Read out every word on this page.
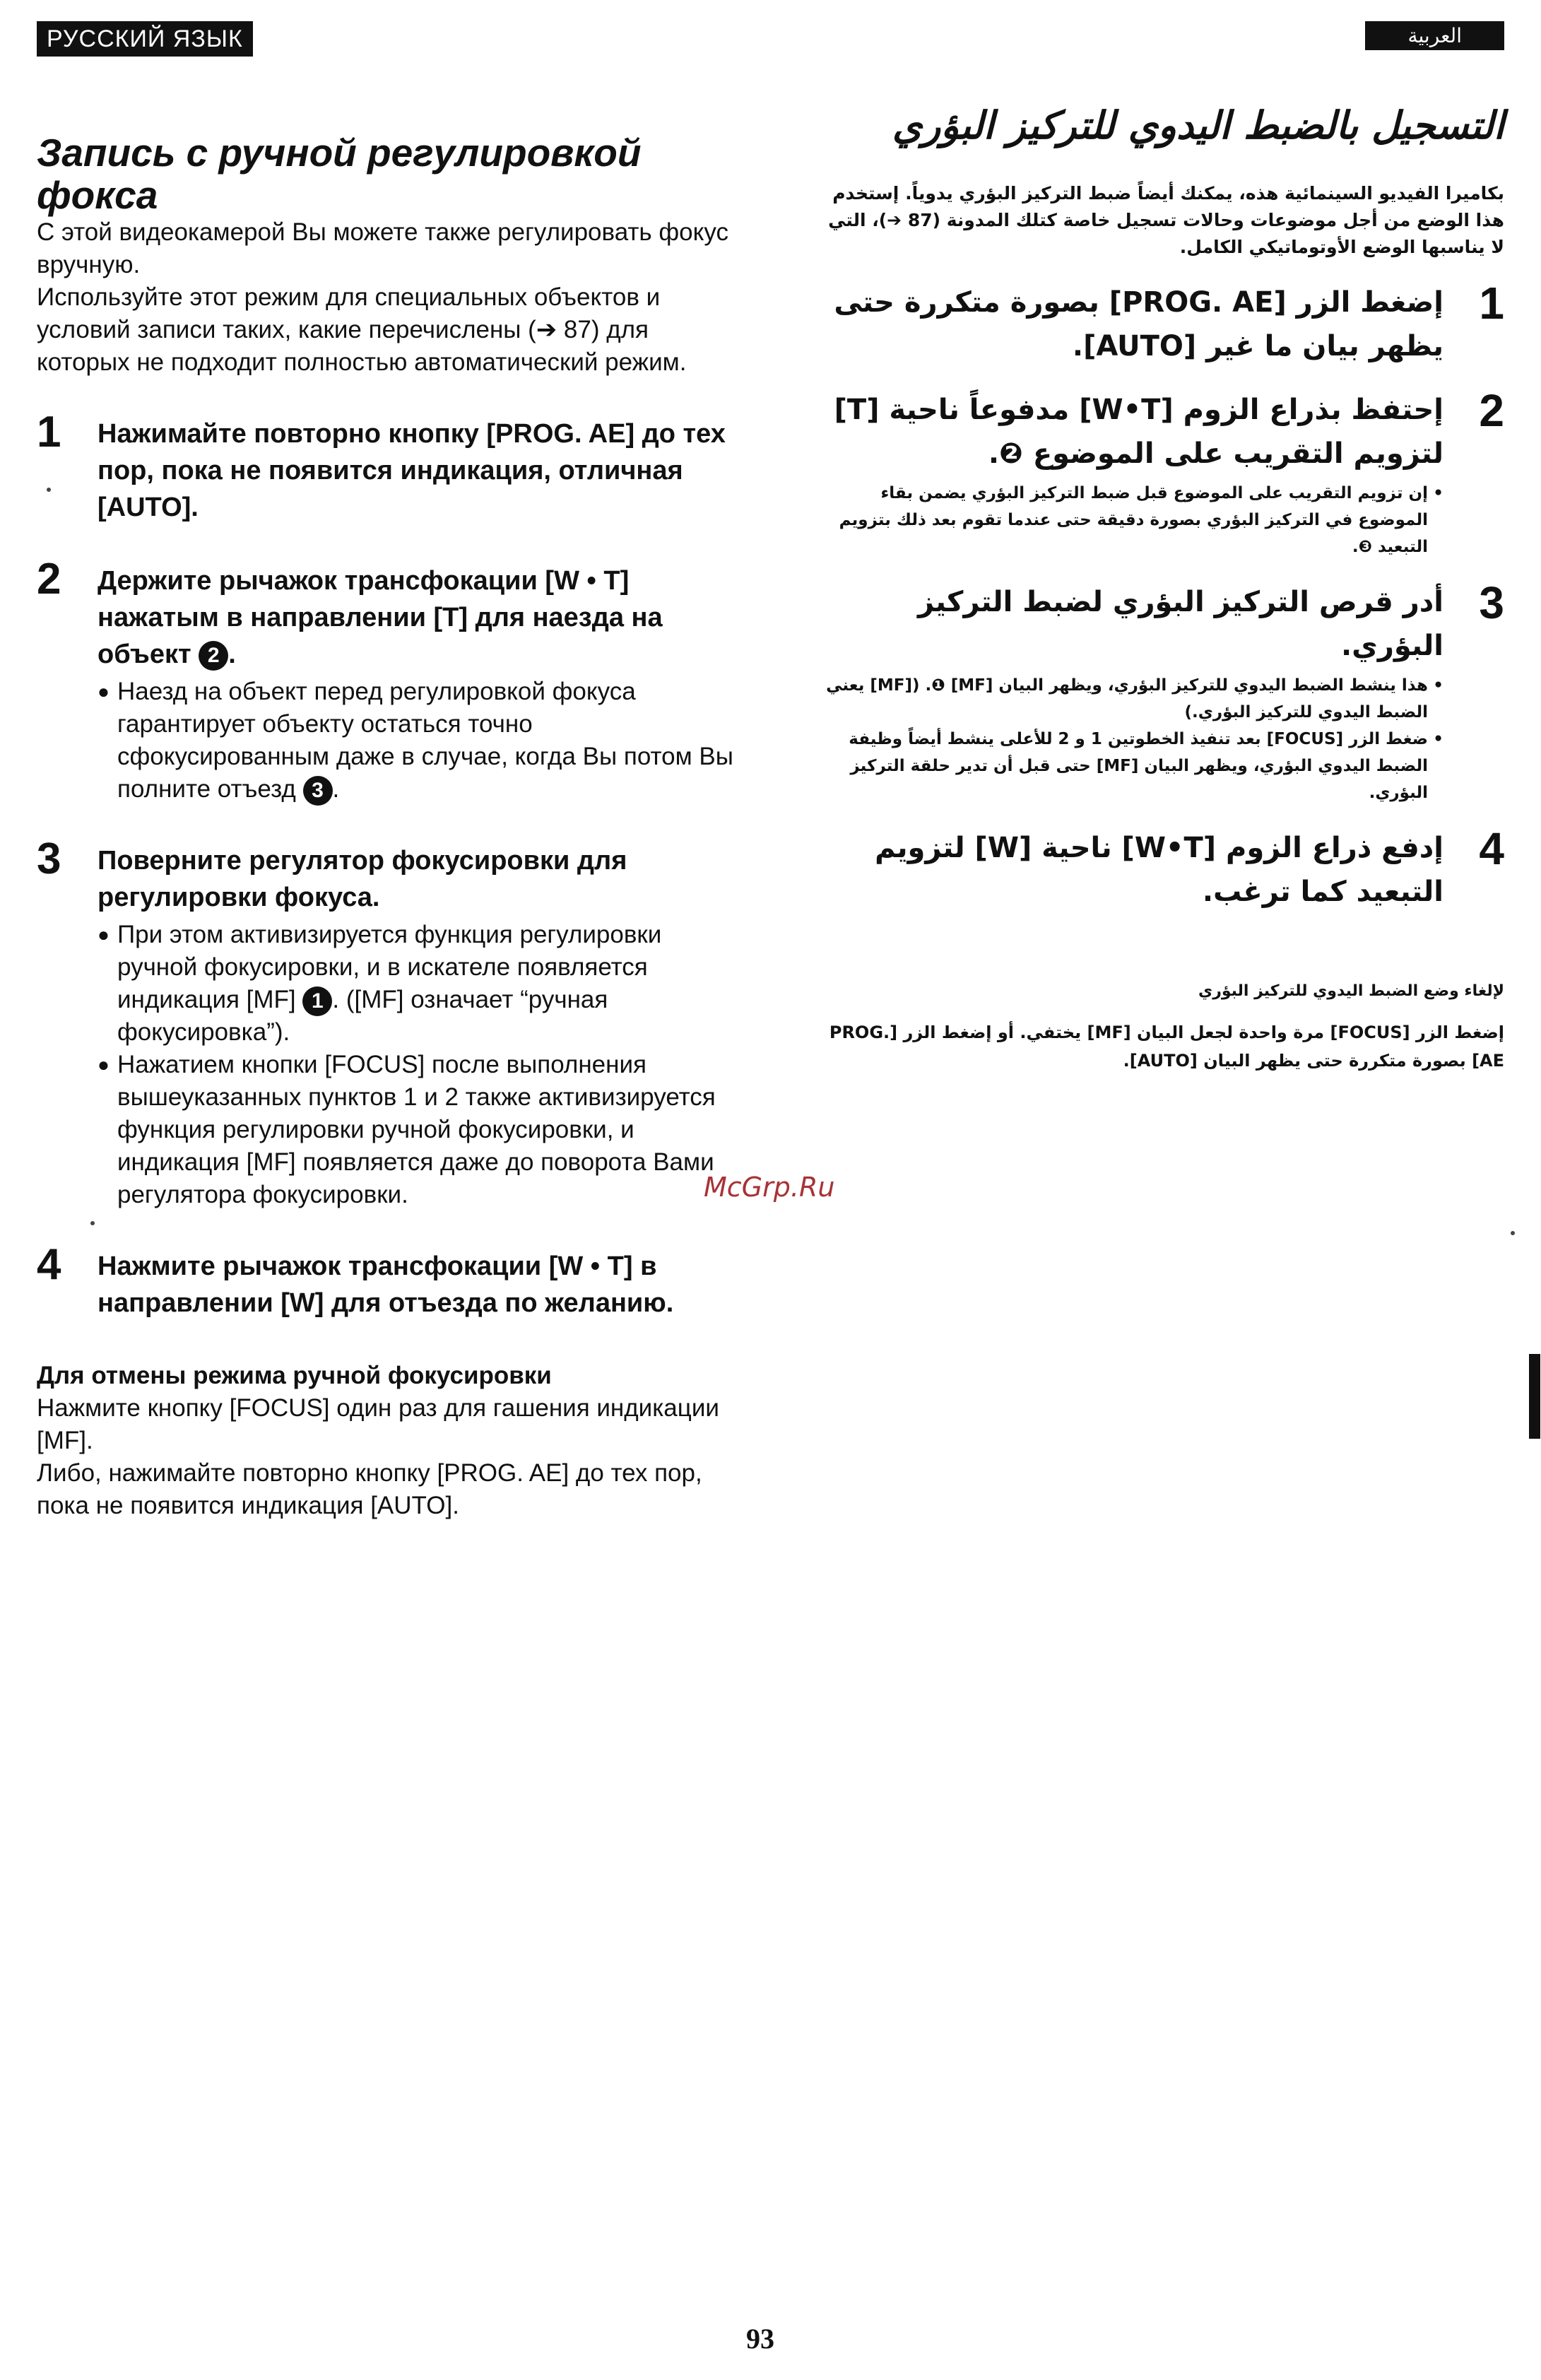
РУССКИЙ ЯЗЫК
Запись с ручной регулировкой фокса

С этой видеокамерой Вы можете также регулировать фокус вручную.

Используйте этот режим для специальных объектов и условий записи таких, какие перечислены (➔ 87) для которых не подходит полностью автоматический режим.

1 Нажимайте повторно кнопку [PROG. AE] до тех пор, пока не появится индикация, отличная [AUTO].
2 Держите рычажок трансфокации [W • T] нажатым в направлении [T] для наезда на объект 2 .
● Наезд на объект перед регулировкой фокуса гарантирует объекту остаться точно сфокусированным даже в случае, когда Вы потом Вы полните отъезд 3 .
3 Поверните регулятор фокусировки для регулировки фокуса.
● При этом активизируется функция регулировки ручной фокусировки, и в искателе появляется индикация [MF] 1 . ([MF] означает “ручная фокусировка”).
● Нажатием кнопки [FOCUS] после выполнения вышеуказанных пунктов 1 и 2 также активизируется функция регулировки ручной фокусировки, и индикация [MF] появляется даже до поворота Вами регулятора фокусировки.
4 Нажмите рычажок трансфокации [W • T] в направлении [W] для отъезда по желанию.
Для отмены режима ручной фокусировки

Нажмите кнопку [FOCUS] один раз для гашения индикации [MF].

Либо, нажимайте повторно кнопку [PROG. AE] до тех пор, пока не появится индикация [AUTO].

العربية
التسجيل بالضبط اليدوي للتركيز البؤري
بكاميرا الفيديو السينمائية هذه، يمكنك أيضاً ضبط التركيز البؤري يدوياً. إستخدم هذا الوضع من أجل موضوعات وحالات تسجيل خاصة كتلك المدونة (87 ➔)، التي لا يناسبها الوضع الأوتوماتيكي الكامل.
1
إضغط الزر [PROG. AE] بصورة متكررة حتى يظهر بيان ما غير [AUTO].
2
إحتفظ بذراع الزوم [W•T] مدفوعاً ناحية [T] لتزويم التقريب على الموضوع ❷.
• إن تزويم التقريب على الموضوع قبل ضبط التركيز البؤري يضمن بقاء الموضوع في التركيز البؤري بصورة دقيقة حتى عندما تقوم بعد ذلك بتزويم التبعيد ❸.
3
أدر قرص التركيز البؤري لضبط التركيز البؤري.
• هذا ينشط الضبط اليدوي للتركيز البؤري، ويظهر البيان [MF] ❶. ([MF] يعني الضبط اليدوي للتركيز البؤري.)
• ضغط الزر [FOCUS] بعد تنفيذ الخطوتين 1 و 2 للأعلى ينشط أيضاً وظيفة الضبط اليدوي البؤري، ويظهر البيان [MF] حتى قبل أن تدير حلقة التركيز البؤري.
4
إدفع ذراع الزوم [W•T] ناحية [W] لتزويم التبعيد كما ترغب.
لإلغاء وضع الضبط اليدوي للتركيز البؤري
إضغط الزر [FOCUS] مرة واحدة لجعل البيان [MF] يختفي. أو إضغط الزر [PROG. AE] بصورة متكررة حتى يظهر البيان [AUTO].
McGrp.Ru
93
